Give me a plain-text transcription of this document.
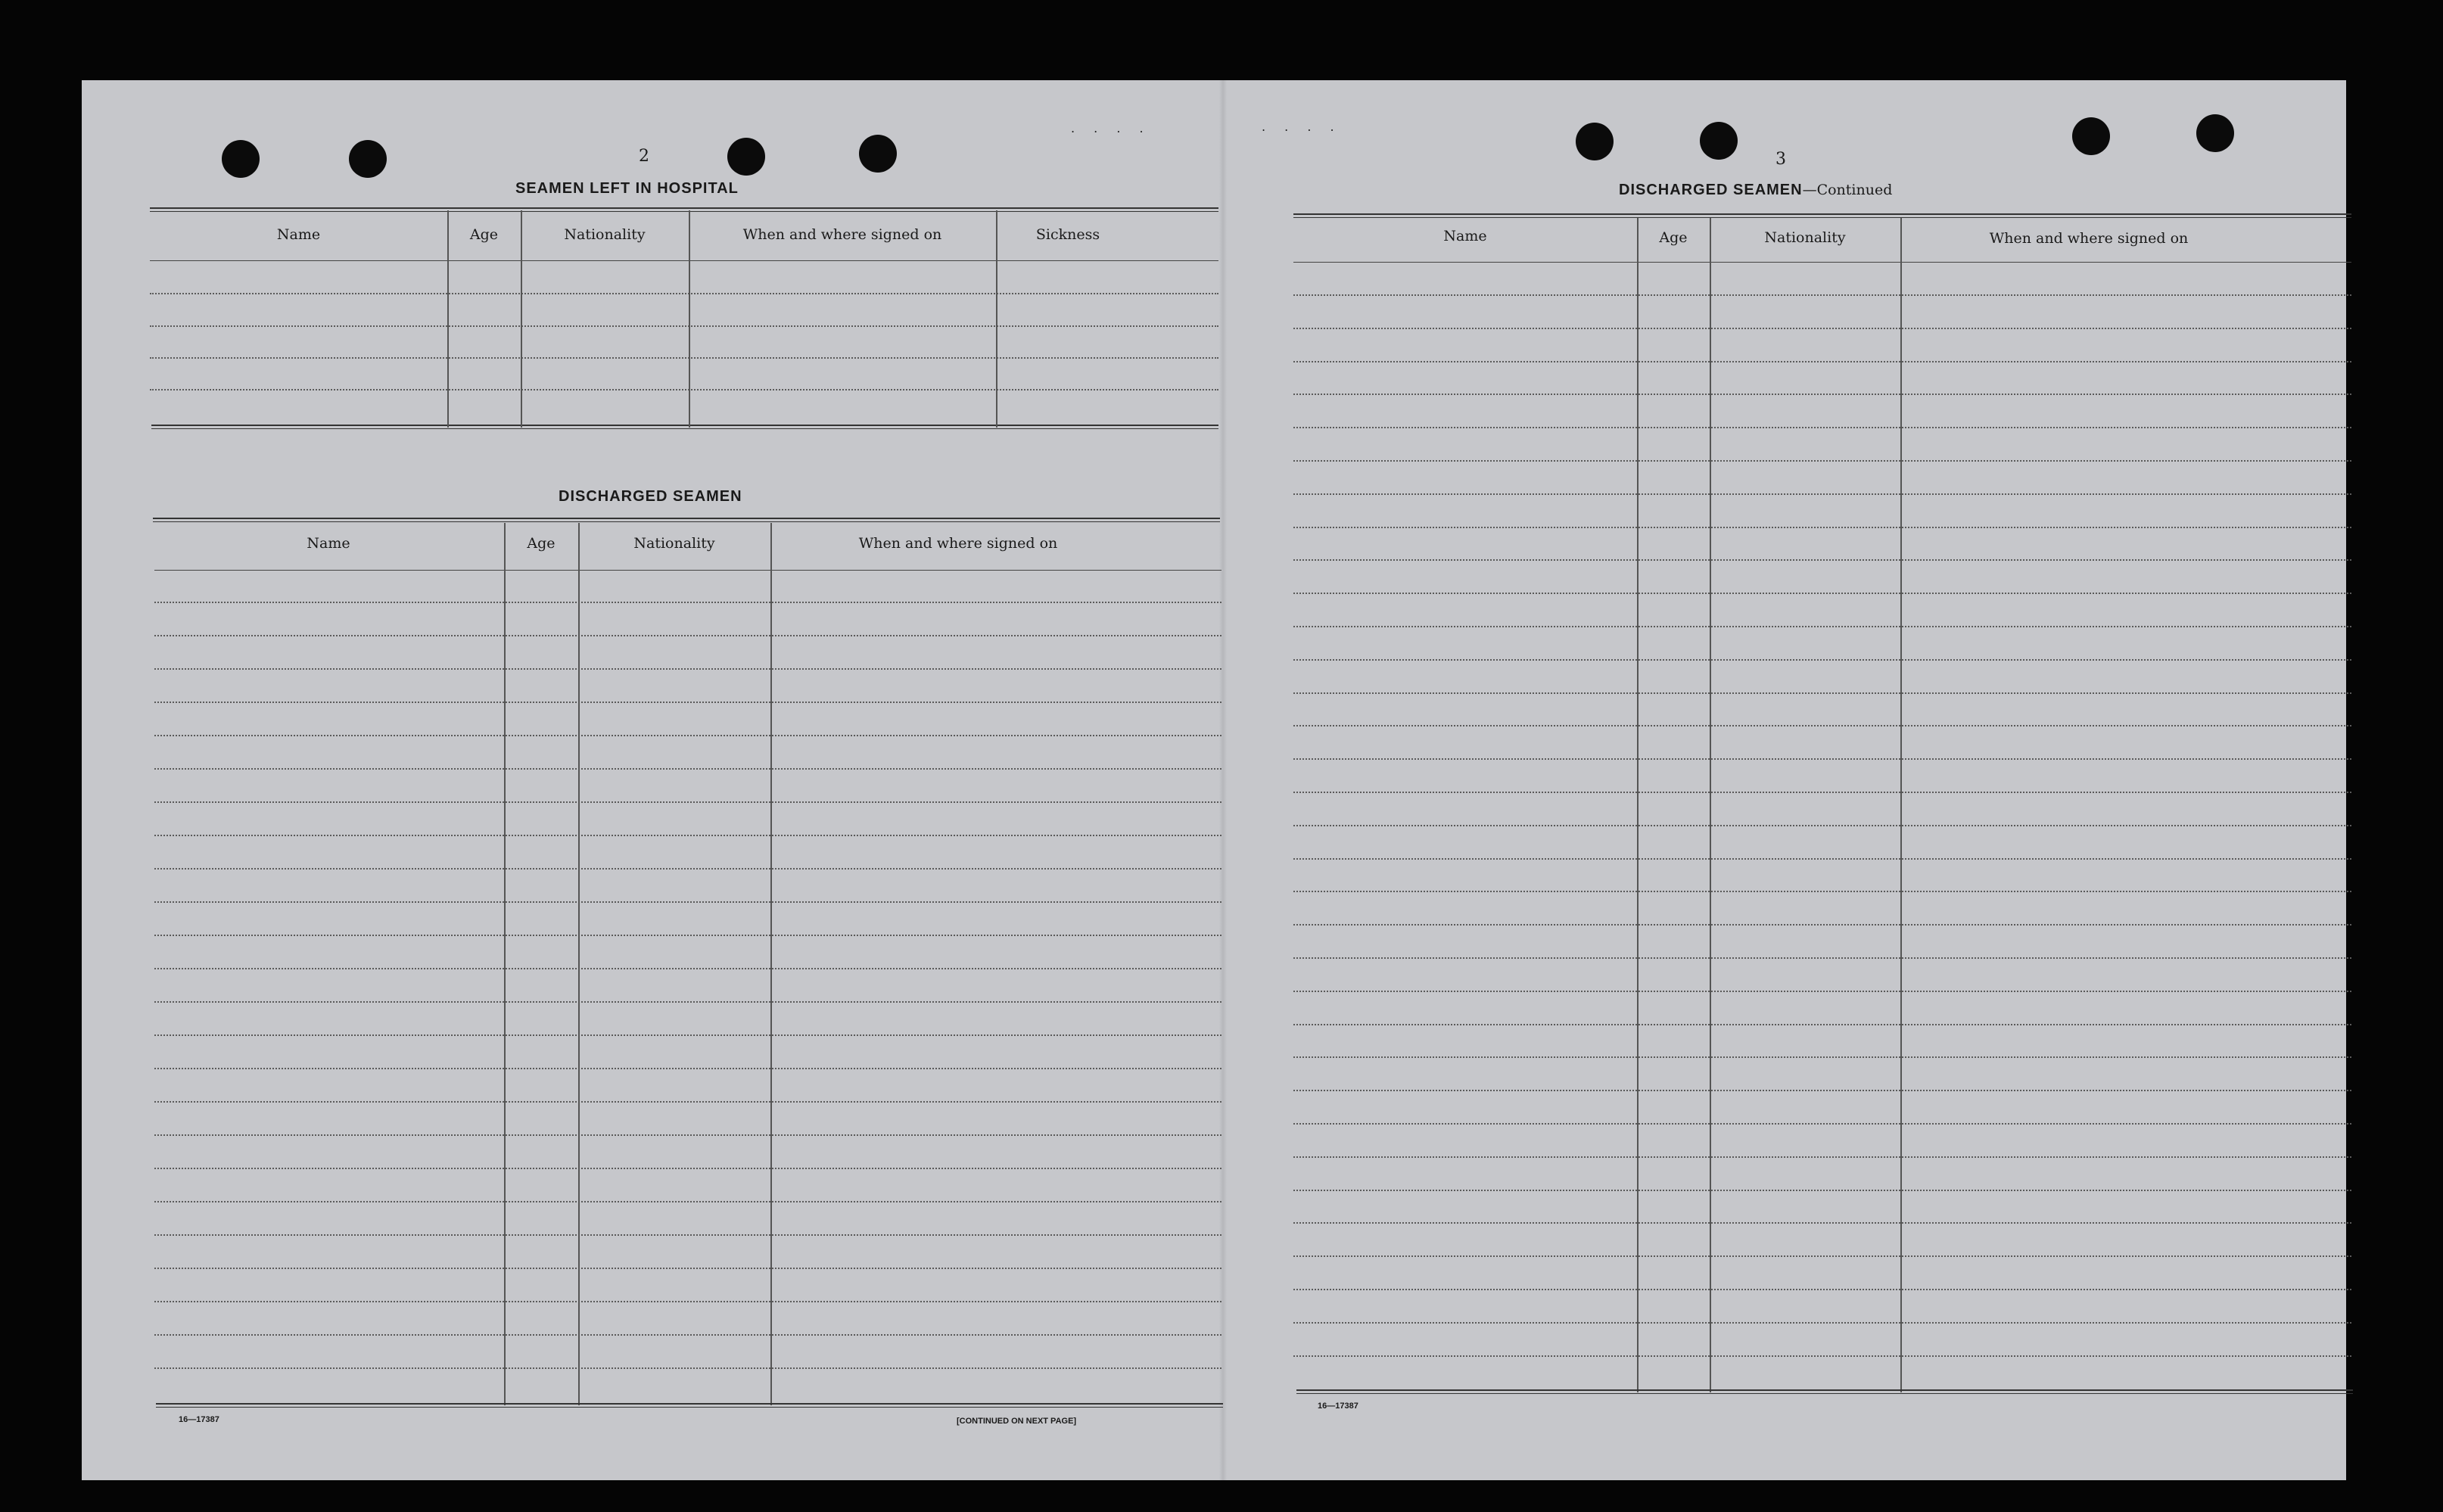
2
SEAMEN LEFT IN HOSPITAL
Name	Age	Nationality	When and where signed on	Sickness
DISCHARGED SEAMEN
Name	Age	Nationality	When and where signed on
16—17387	[CONTINUED ON NEXT PAGE]
. . . .	. . . .
3
DISCHARGED SEAMEN—Continued
Name	Age	Nationality	When and where signed on
16—17387
